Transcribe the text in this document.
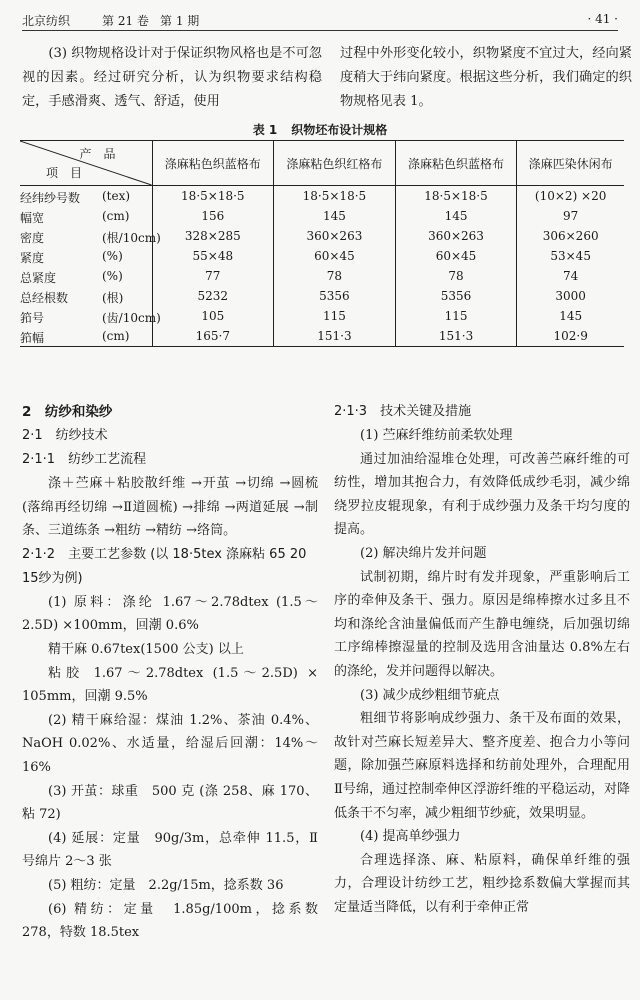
北京纺织	第 21 卷 第 1 期	· 41 ·

(3) 织物规格设计对于保证织物风格也是不可忽视的因素。经过研究分析，认为织物要求结构稳定，手感滑爽、透气、舒适，使用

过程中外形变化较小，织物紧度不宜过大，经向紧度稍大于纬向紧度。根据这些分析，我们确定的织物规格见表 1。

表 1 织物坯布设计规格
产　品
项　目	涤麻粘色织蓝格布	涤麻粘色织红格布	涤麻粘色织蓝格布	涤麻匹染休闲布

经纬纱号数 (tex)	18·5×18·5	18·5×18·5	18·5×18·5	(10×2) ×20

幅宽 (cm)	156	145	145	97

密度 (根/10cm)	328×285	360×263	360×263	306×260

紧度 (%)	55×48	60×45	60×45	53×45

总紧度 (%)	77	78	78	74

总经根数 (根)	5232	5356	5356	3000

筘号 (齿/10cm)	105	115	115	145

筘幅 (cm)	165·7	151·3	151·3	102·9
2　纺纱和染纱
2·1　纺纱技术
2·1·1　纺纱工艺流程

涤＋苎麻＋粘胶散纤维 →开茧 →切绵 →圆梳(落绵再经切绵 →Ⅱ道圆梳) →排绵 →两道延展 →制条、三道练条 →粗纺 →精纺 →络筒。

2·1·2　主要工艺参数 (以 18·5tex 涤麻粘 65 20 15纱为例)

(1) 原料：涤纶 1.67～2.78dtex (1.5～2.5D) ×100mm，回潮 0.6%

精干麻 0.67tex(1500 公支) 以上

粘胶 1.67～2.78dtex (1.5～2.5D) × 105mm，回潮 9.5%

(2) 精干麻给湿：煤油 1.2%、茶油 0.4%、NaOH 0.02%、水适量，给湿后回潮：14%～16%

(3) 开茧：球重　500 克 (涤 258、麻 170、粘 72)

(4) 延展：定量　90g/3m，总牵伸 11.5，Ⅱ号绵片 2～3 张

(5) 粗纺：定量　2.2g/15m，捻系数 36

(6) 精纺：定量　1.85g/100m，捻系数 278，特数 18.5tex

2·1·3　技术关键及措施

(1) 苎麻纤维纺前柔软处理

通过加油给湿堆仓处理，可改善苎麻纤维的可纺性，增加其抱合力，有效降低成纱毛羽，减少绵绕罗拉皮辊现象，有利于成纱强力及条干均匀度的提高。

(2) 解决绵片发并问题

试制初期，绵片时有发并现象，严重影响后工序的牵伸及条干、强力。原因是绵棒擦水过多且不均和涤纶含油量偏低而产生静电缠绕，后加强切绵工序绵棒擦湿量的控制及选用含油量达 0.8%左右的涤纶，发并问题得以解决。

(3) 减少成纱粗细节疵点

粗细节将影响成纱强力、条干及布面的效果，故针对苎麻长短差异大、整齐度差、抱合力小等问题，除加强苎麻原料选择和纺前处理外，合理配用 Ⅱ号绵，通过控制牵伸区浮游纤维的平稳运动，对降低条干不匀率，减少粗细节纱疵，效果明显。

(4) 提高单纱强力

合理选择涤、麻、粘原料，确保单纤维的强力，合理设计纺纱工艺，粗纱捻系数偏大掌握而其定量适当降低，以有利于牵伸正常
